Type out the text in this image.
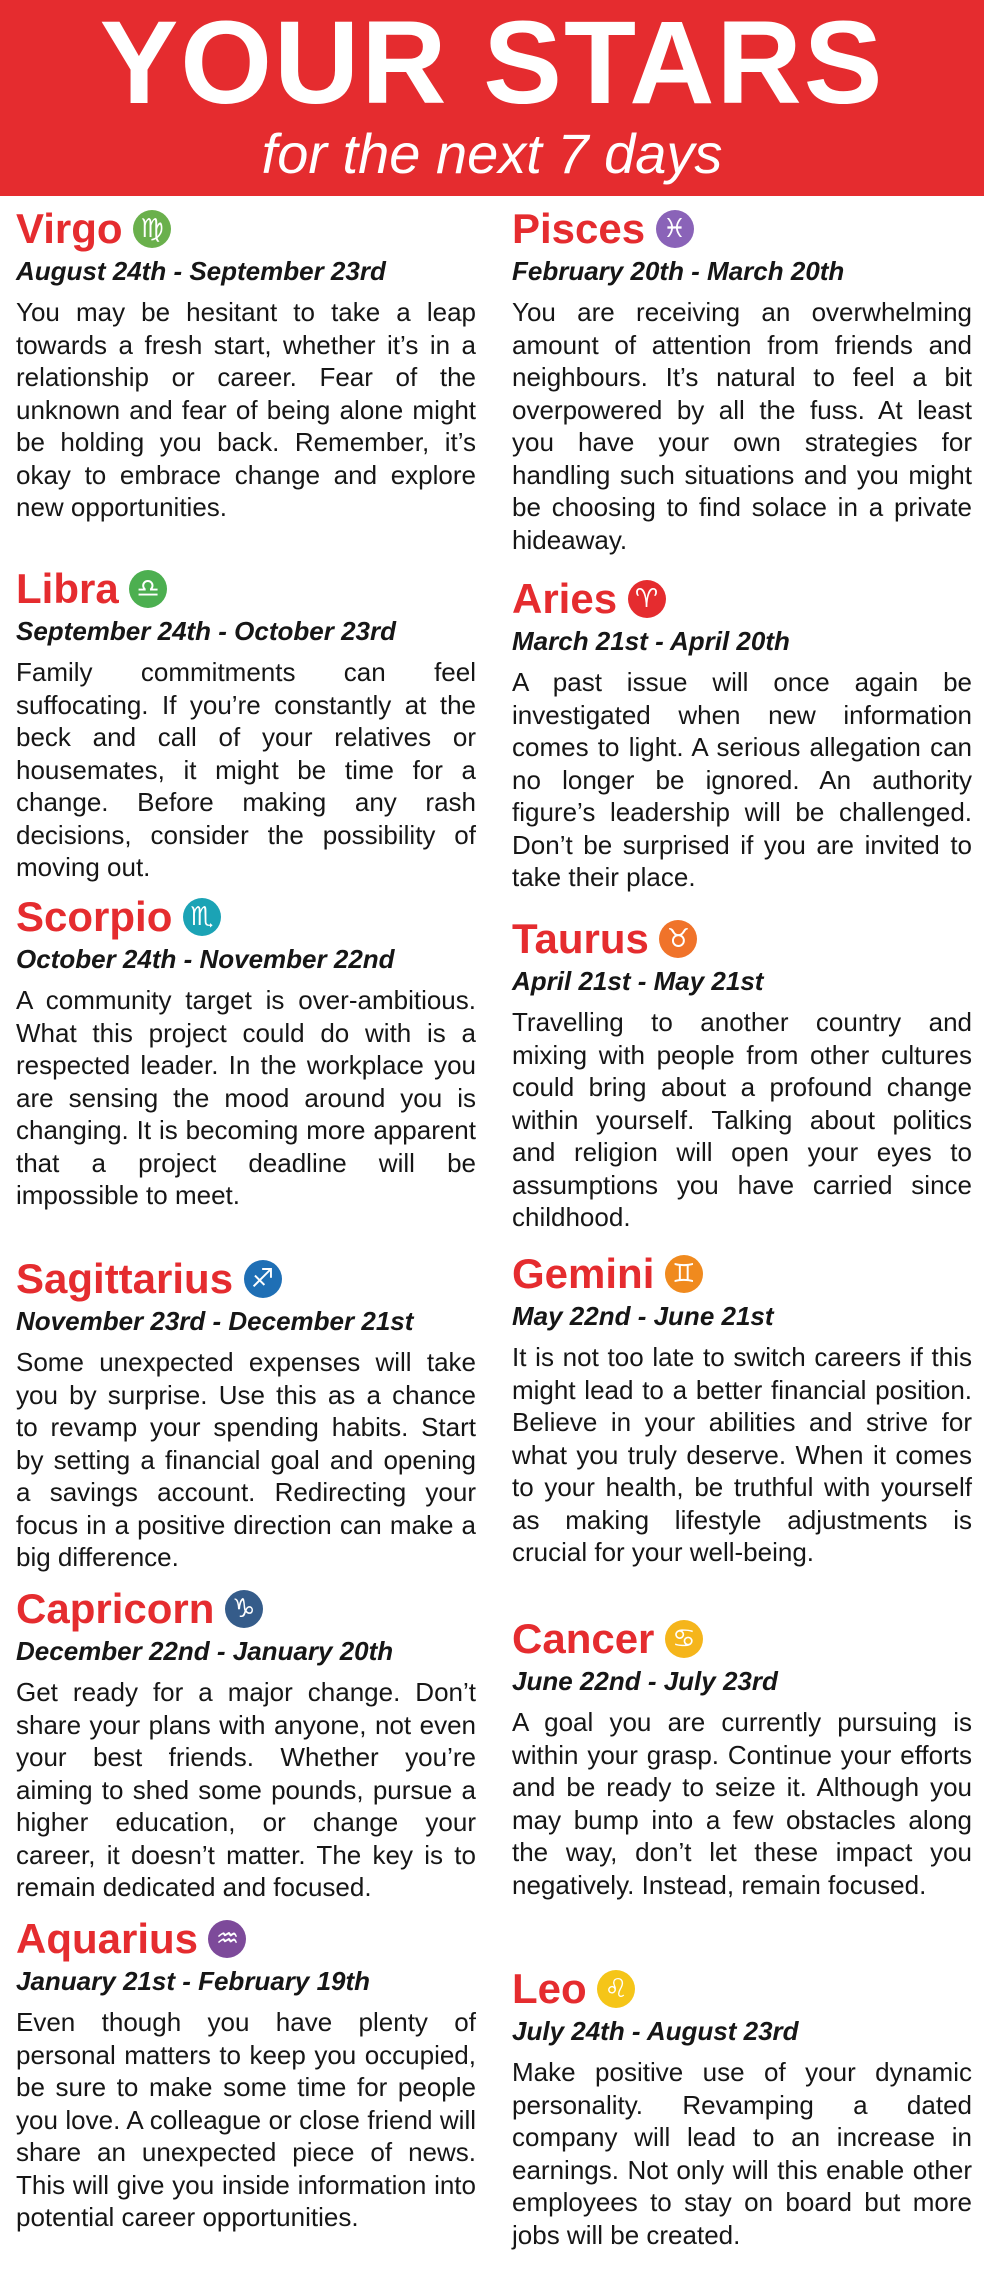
YOUR STARS
for the next 7 days
Virgo ♍
August 24th - September 23rd
You may be hesitant to take a leap towards a fresh start, whether it’s in a relationship or career. Fear of the unknown and fear of being alone might be holding you back. Remember, it’s okay to embrace change and explore new opportunities.
Libra ♎
September 24th - October 23rd
Family commitments can feel suffocating. If you’re constantly at the beck and call of your relatives or housemates, it might be time for a change. Before making any rash decisions, consider the possibility of moving out.
Scorpio ♏
October 24th - November 22nd
A community target is over-ambitious. What this project could do with is a respected leader. In the workplace you are sensing the mood around you is changing. It is becoming more apparent that a project deadline will be impossible to meet.
Sagittarius ♐
November 23rd - December 21st
Some unexpected expenses will take you by surprise. Use this as a chance to revamp your spending habits. Start by setting a financial goal and opening a savings account. Redirecting your focus in a positive direction can make a big difference.
Capricorn ♑
December 22nd - January 20th
Get ready for a major change. Don’t share your plans with anyone, not even your best friends. Whether you’re aiming to shed some pounds, pursue a higher education, or change your career, it doesn’t matter. The key is to remain dedicated and focused.
Aquarius ♒
January 21st - February 19th
Even though you have plenty of personal matters to keep you occupied, be sure to make some time for people you love. A colleague or close friend will share an unexpected piece of news. This will give you inside information into potential career opportunities.
Pisces ♓
February 20th - March 20th
You are receiving an overwhelming amount of attention from friends and neighbours. It’s natural to feel a bit overpowered by all the fuss. At least you have your own strategies for handling such situations and you might be choosing to find solace in a private hideaway.
Aries ♈
March 21st - April 20th
A past issue will once again be investigated when new information comes to light. A serious allegation can no longer be ignored. An authority figure’s leadership will be challenged. Don’t be surprised if you are invited to take their place.
Taurus ♉
April 21st - May 21st
Travelling to another country and mixing with people from other cultures could bring about a profound change within yourself. Talking about politics and religion will open your eyes to assumptions you have carried since childhood.
Gemini ♊
May 22nd - June 21st
It is not too late to switch careers if this might lead to a better financial position. Believe in your abilities and strive for what you truly deserve. When it comes to your health, be truthful with yourself as making lifestyle adjustments is crucial for your well-being.
Cancer ♋
June 22nd - July 23rd
A goal you are currently pursuing is within your grasp. Continue your efforts and be ready to seize it. Although you may bump into a few obstacles along the way, don’t let these impact you negatively. Instead, remain focused.
Leo ♌
July 24th - August 23rd
Make positive use of your dynamic personality. Revamping a dated company will lead to an increase in earnings. Not only will this enable other employees to stay on board but more jobs will be created.
